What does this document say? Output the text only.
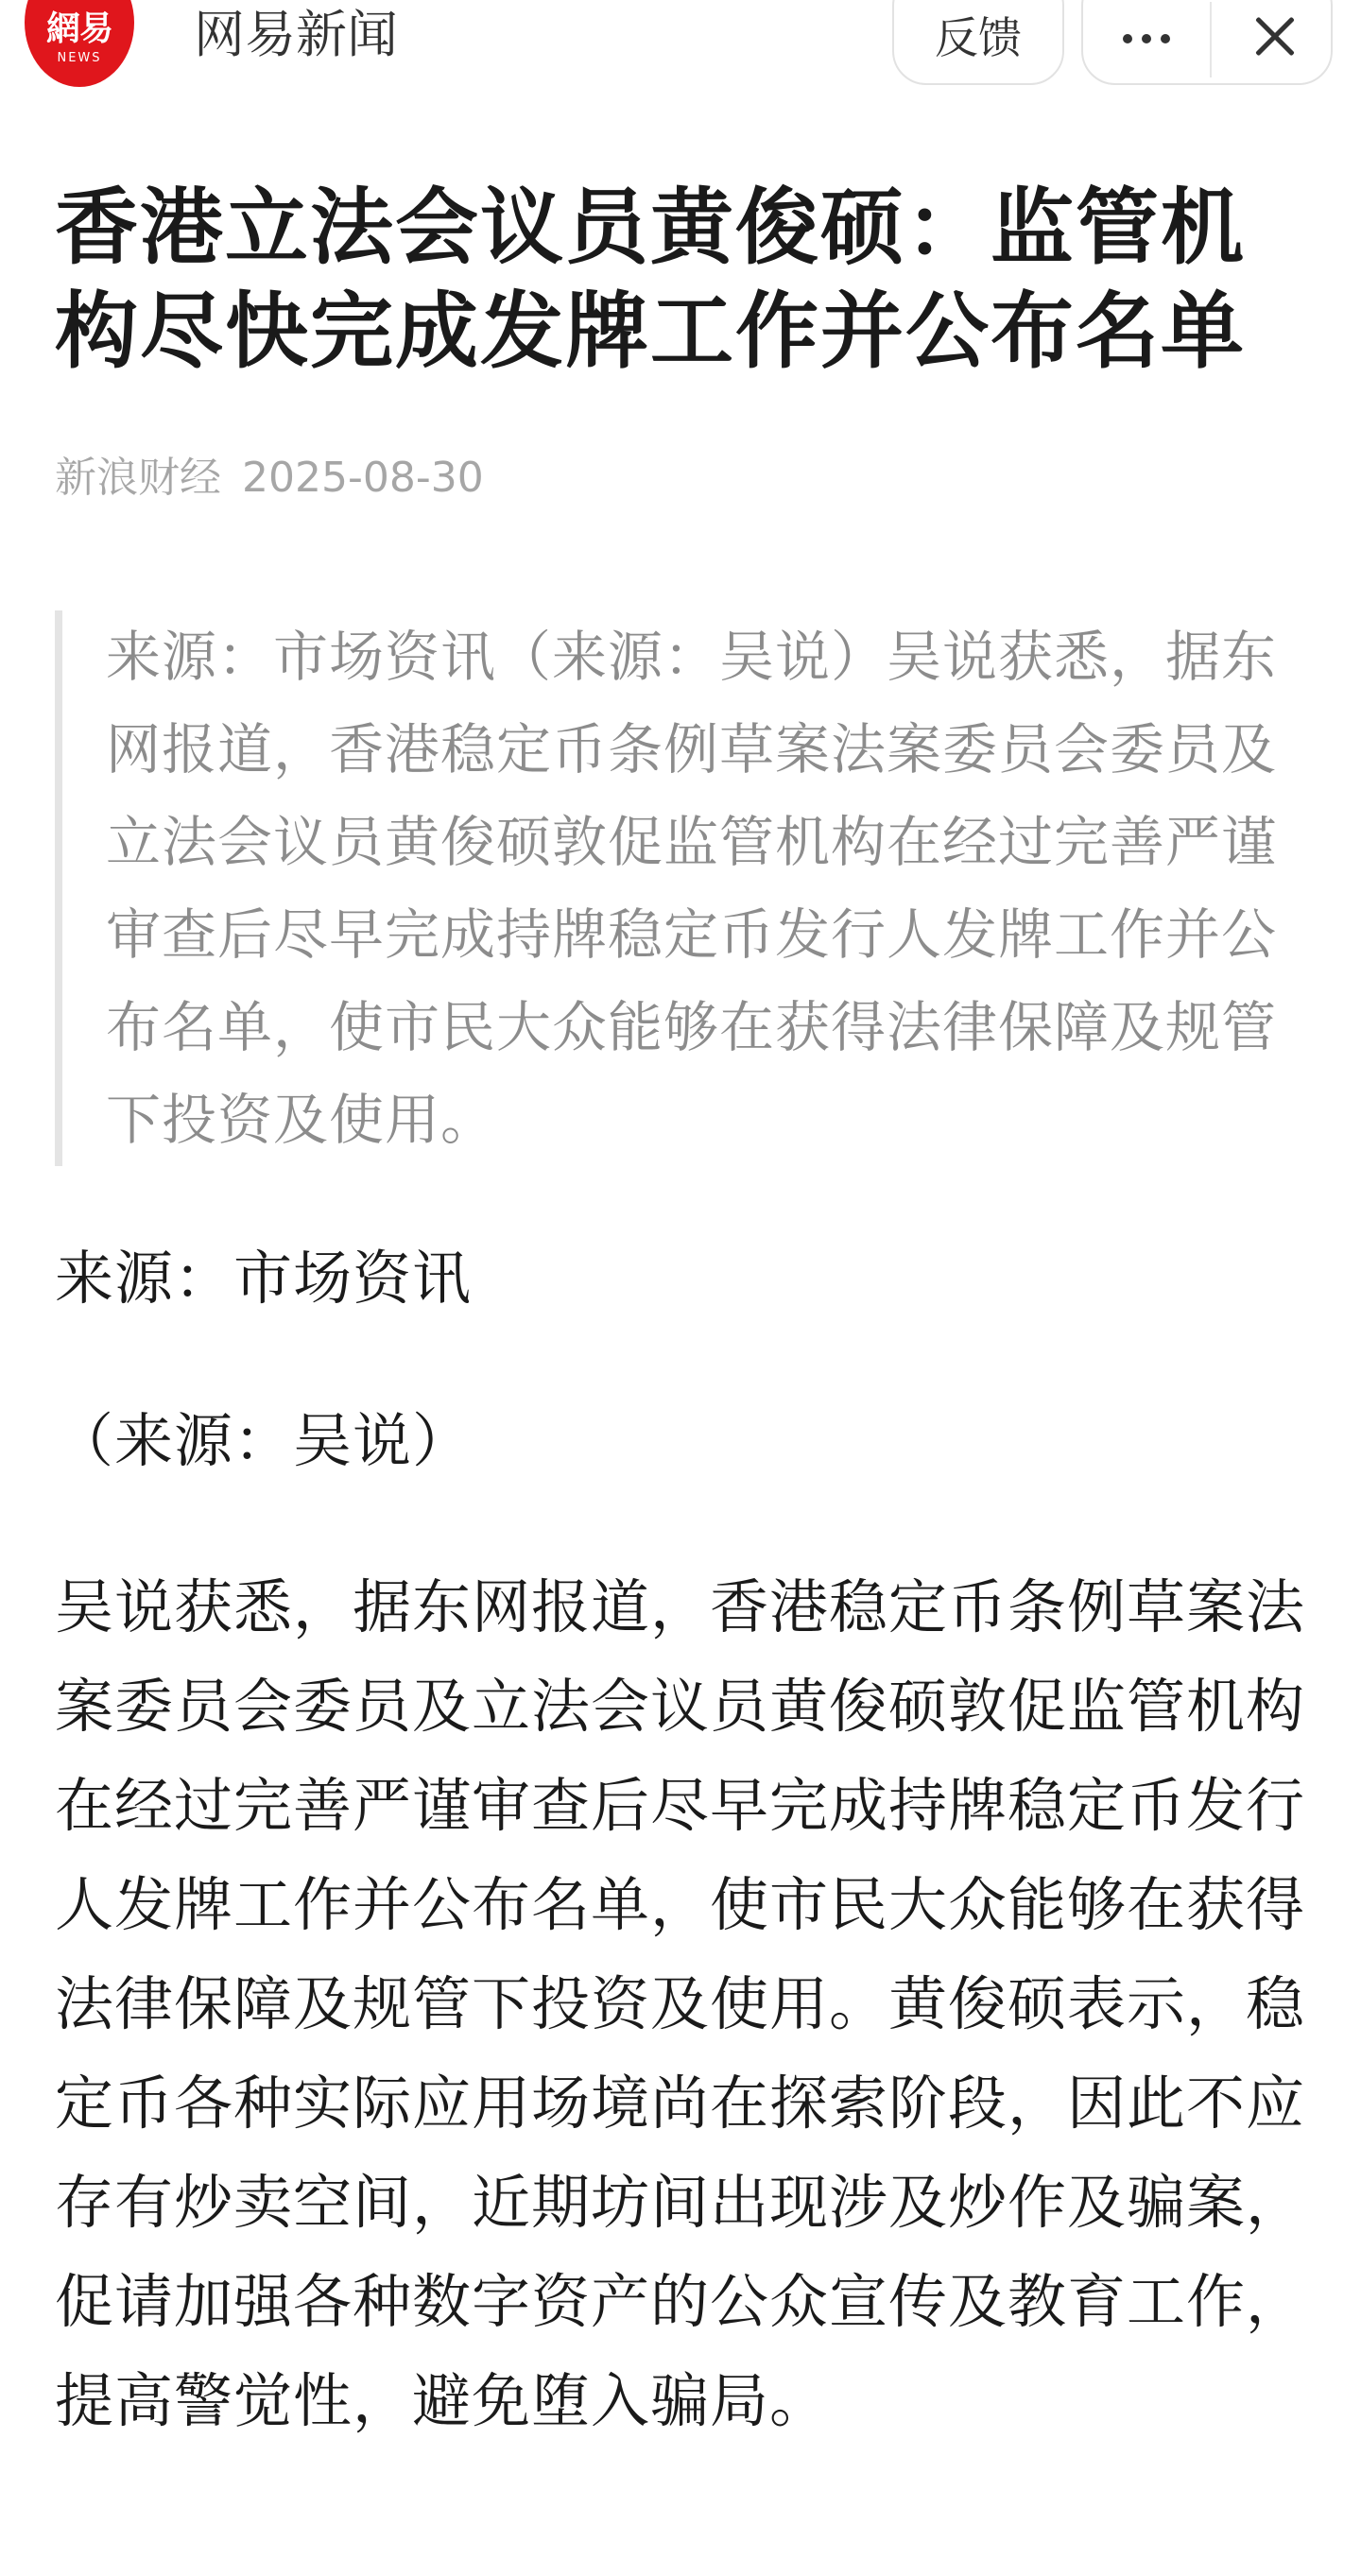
網易
NEWS	网易新闻	反馈
香港立法会议员黄俊硕：监管机构尽快完成发牌工作并公布名单
新浪财经 2025-08-30
来源：市场资讯（来源：吴说）吴说获悉，据东网报道，香港稳定币条例草案法案委员会委员及立法会议员黄俊硕敦促监管机构在经过完善严谨审查后尽早完成持牌稳定币发行人发牌工作并公布名单，使市民大众能够在获得法律保障及规管下投资及使用。

来源：市场资讯

（来源：吴说）

吴说获悉，据东网报道，香港稳定币条例草案法案委员会委员及立法会议员黄俊硕敦促监管机构在经过完善严谨审查后尽早完成持牌稳定币发行人发牌工作并公布名单，使市民大众能够在获得法律保障及规管下投资及使用。黄俊硕表示，稳定币各种实际应用场境尚在探索阶段，因此不应存有炒卖空间，近期坊间出现涉及炒作及骗案，促请加强各种数字资产的公众宣传及教育工作，提高警觉性，避免堕入骗局。
